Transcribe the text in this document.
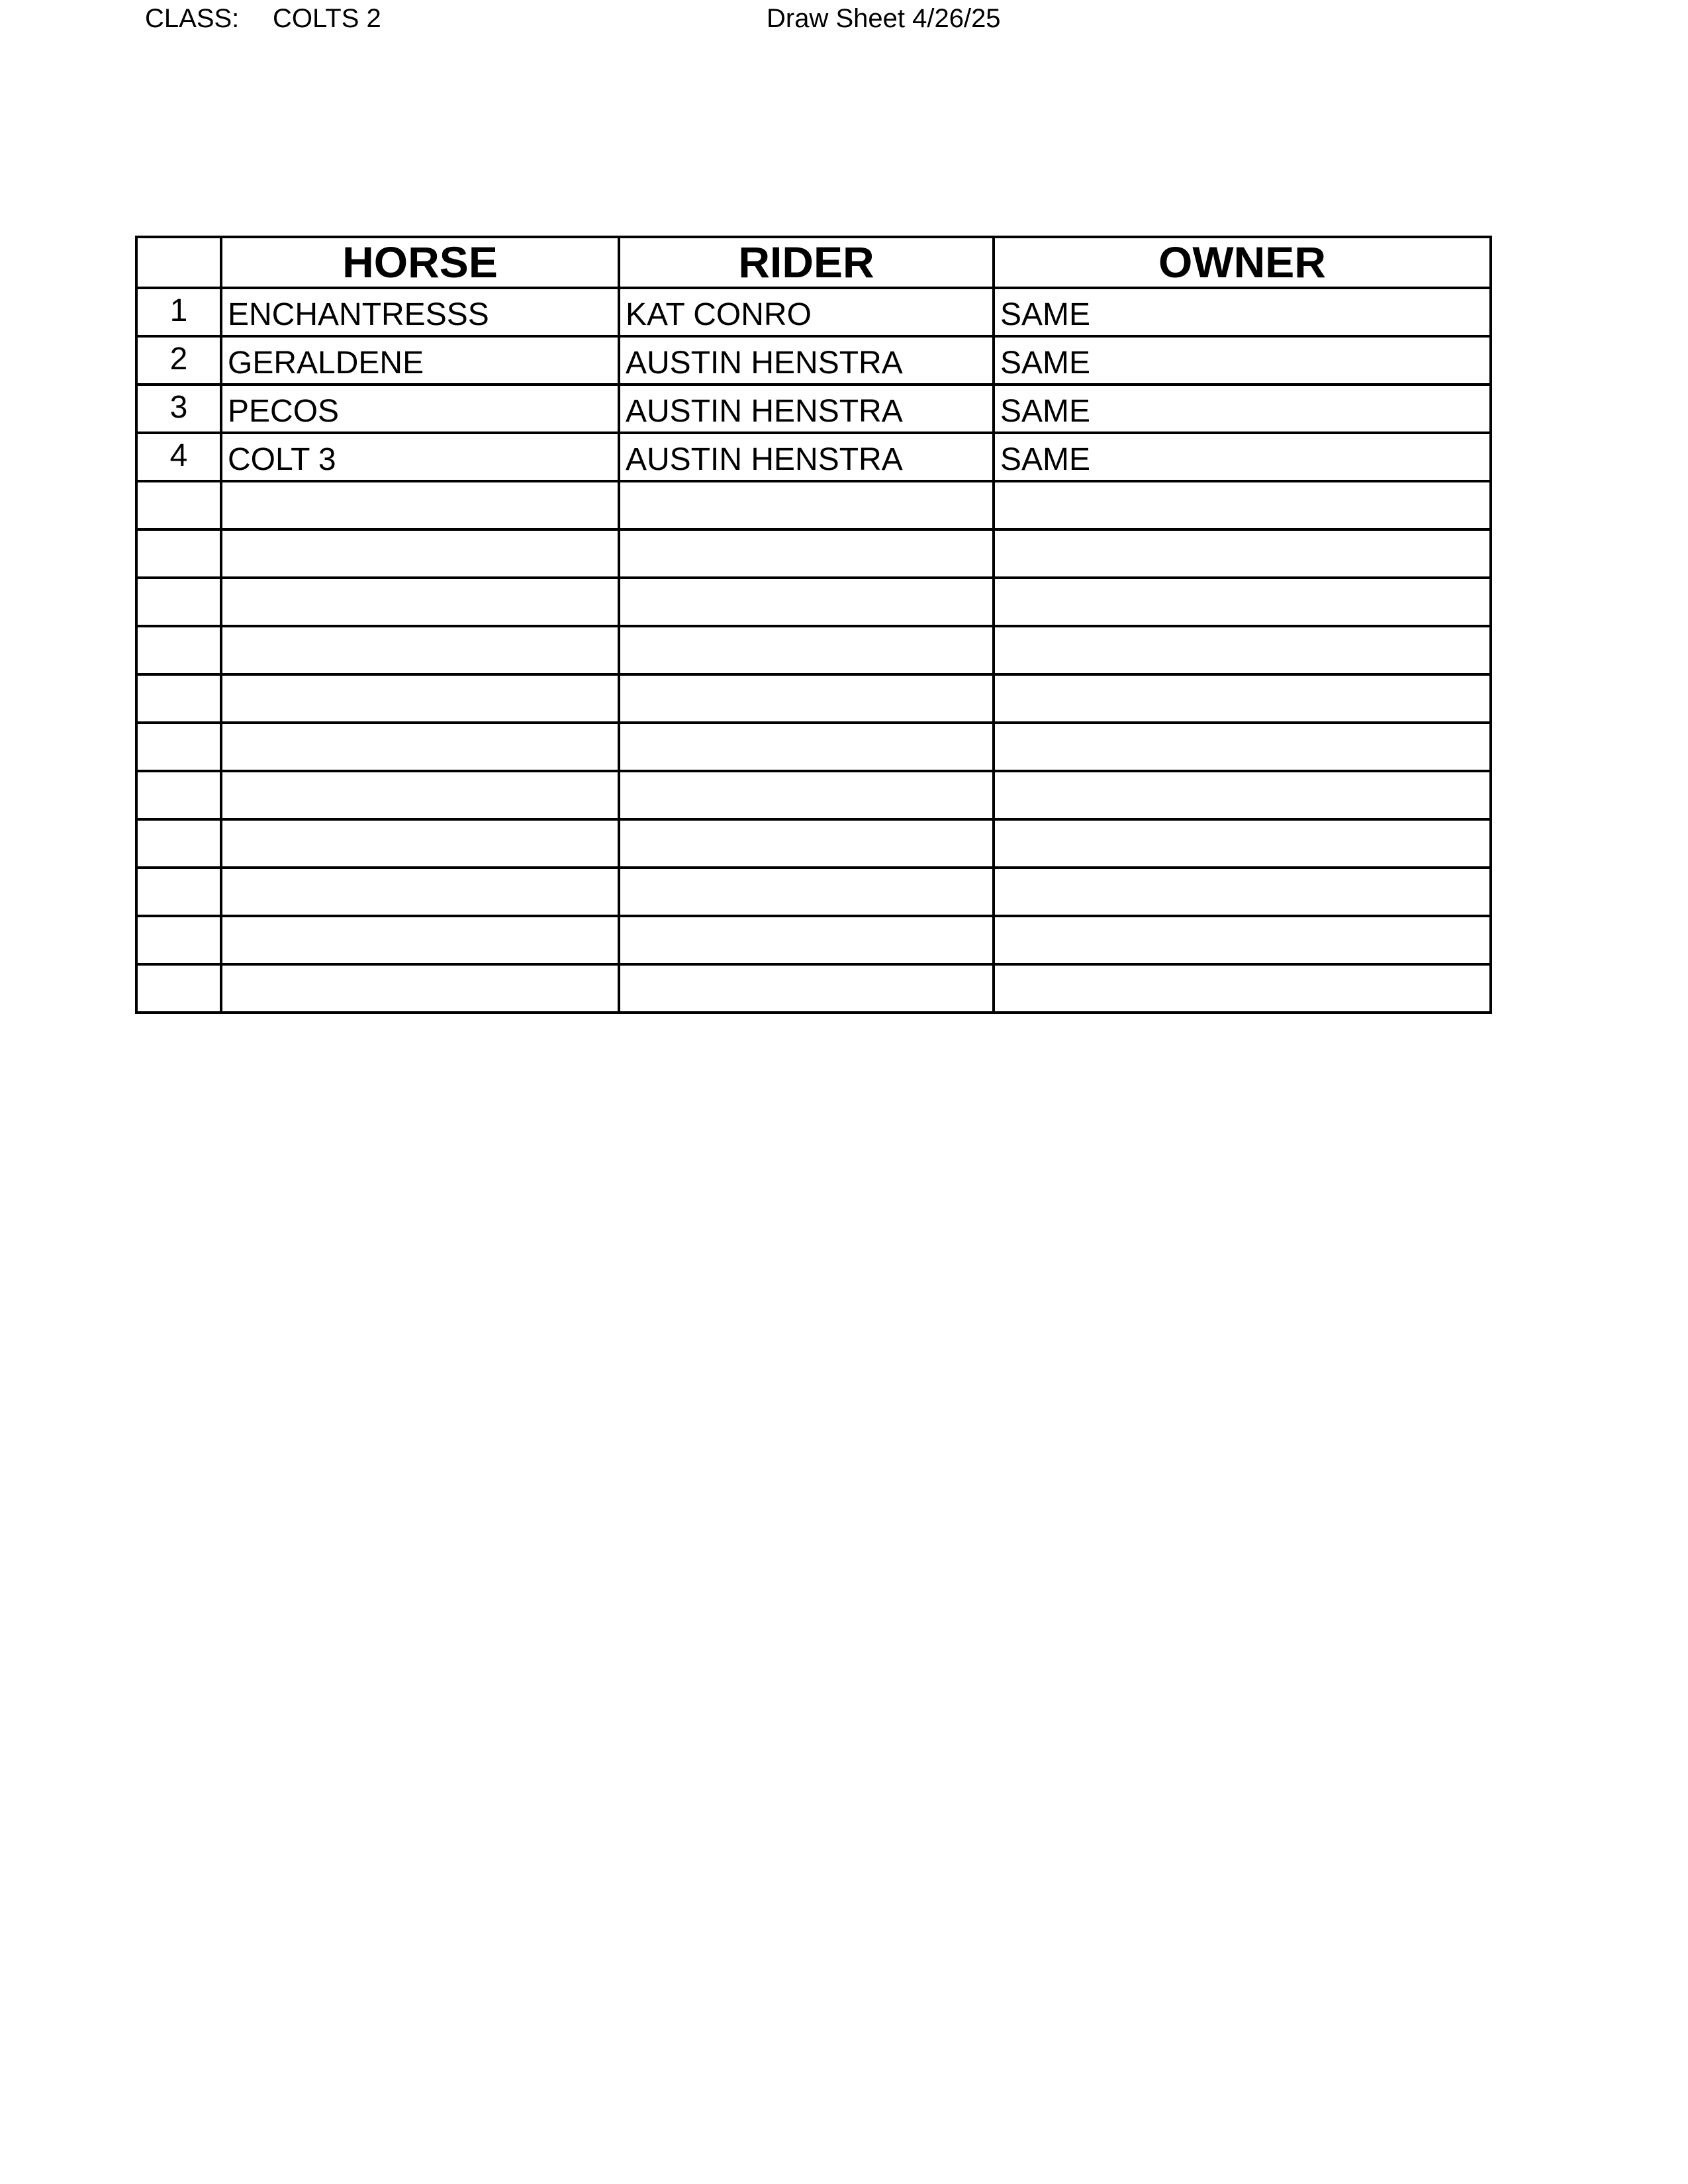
CLASS: COLTS 2	Draw Sheet 4/26/25
	HORSE	RIDER	OWNER
1	ENCHANTRESSS	KAT CONRO	SAME
2	GERALDENE	AUSTIN HENSTRA	SAME
3	PECOS	AUSTIN HENSTRA	SAME
4	COLT 3	AUSTIN HENSTRA	SAME
